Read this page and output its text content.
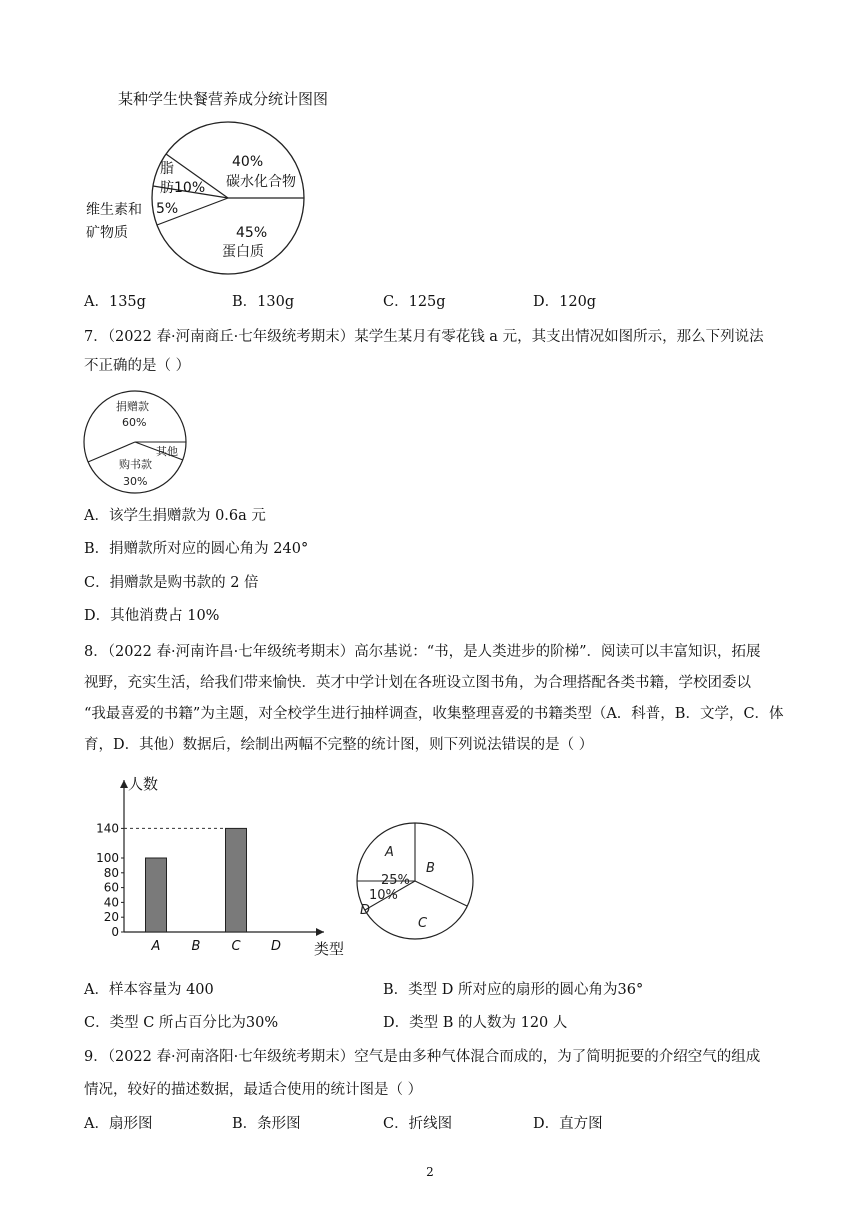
某种学生快餐营养成分统计图图
40%
碳水化合物
脂
肪10%
5%
维生素和
矿物质	45%
蛋白质
A．135g	B．130g	C．125g	D．120g
7．（2022 春·河南商丘·七年级统考期末）某学生某月有零花钱 a 元，其支出情况如图所示，那么下列说法
不正确的是（ ）
捐赠款
60%
其他
购书款
30%
A．该学生捐赠款为 0.6a 元
B．捐赠款所对应的圆心角为 240°
C．捐赠款是购书款的 2 倍
D．其他消费占 10%
8．（2022 春·河南许昌·七年级统考期末）高尔基说：“书，是人类进步的阶梯”．阅读可以丰富知识，拓展
视野，充实生活，给我们带来愉快．英才中学计划在各班设立图书角，为合理搭配各类书籍，学校团委以
“我最喜爱的书籍”为主题，对全校学生进行抽样调查，收集整理喜爱的书籍类型（A．科普，B．文学，C．体
育，D．其他）数据后，绘制出两幅不完整的统计图，则下列说法错误的是（ ）
人数
类型
0
20
40
60
80
100
140
A B C D
A
25%
B
C
10%
D
A．样本容量为 400	B．类型 D 所对应的扇形的圆心角为36°
C．类型 C 所占百分比为30%	D．类型 B 的人数为 120 人
9．（2022 春·河南洛阳·七年级统考期末）空气是由多种气体混合而成的，为了简明扼要的介绍空气的组成
情况，较好的描述数据，最适合使用的统计图是（ ）
A．扇形图	B．条形图	C．折线图	D．直方图
2
